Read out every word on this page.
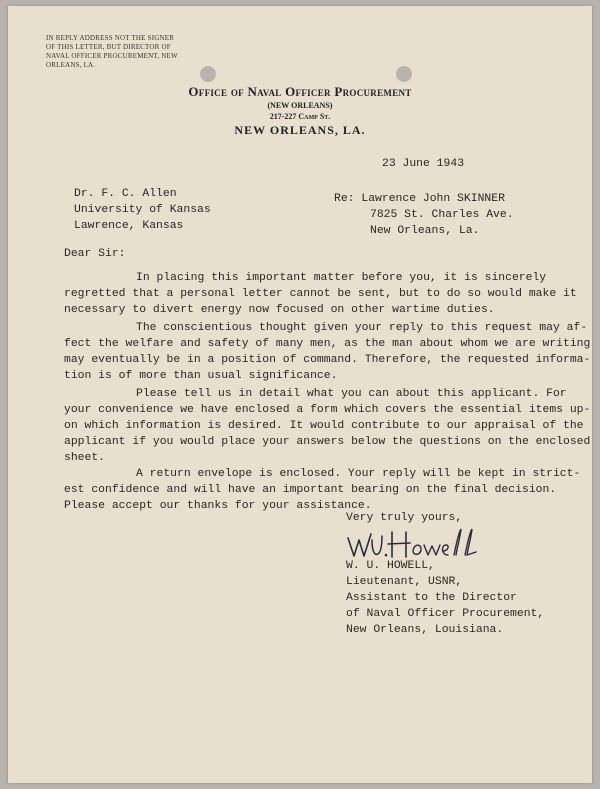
IN REPLY ADDRESS NOT THE SIGNER
OF THIS LETTER, BUT DIRECTOR OF
NAVAL OFFICER PROCUREMENT, NEW
ORLEANS, LA.
Office of Naval Officer Procurement
(NEW ORLEANS)
217-227 Camp St.
NEW ORLEANS, LA.
23 June 1943
Dr. F. C. Allen
University of Kansas
Lawrence, Kansas
Re: Lawrence John SKINNER
7825 St. Charles Ave.
New Orleans, La.
Dear Sir:
In placing this important matter before you, it is sincerely
regretted that a personal letter cannot be sent, but to do so would make it
necessary to divert energy now focused on other wartime duties.
The conscientious thought given your reply to this request may af-
fect the welfare and safety of many men, as the man about whom we are writing
may eventually be in a position of command. Therefore, the requested informa-
tion is of more than usual significance.
Please tell us in detail what you can about this applicant. For
your convenience we have enclosed a form which covers the essential items up-
on which information is desired. It would contribute to our appraisal of the
applicant if you would place your answers below the questions on the enclosed
sheet.
A return envelope is enclosed. Your reply will be kept in strict-
est confidence and will have an important bearing on the final decision.
Please accept our thanks for your assistance.
Very truly yours,
W. U. HOWELL,
Lieutenant, USNR,
Assistant to the Director
of Naval Officer Procurement,
New Orleans, Louisiana.
